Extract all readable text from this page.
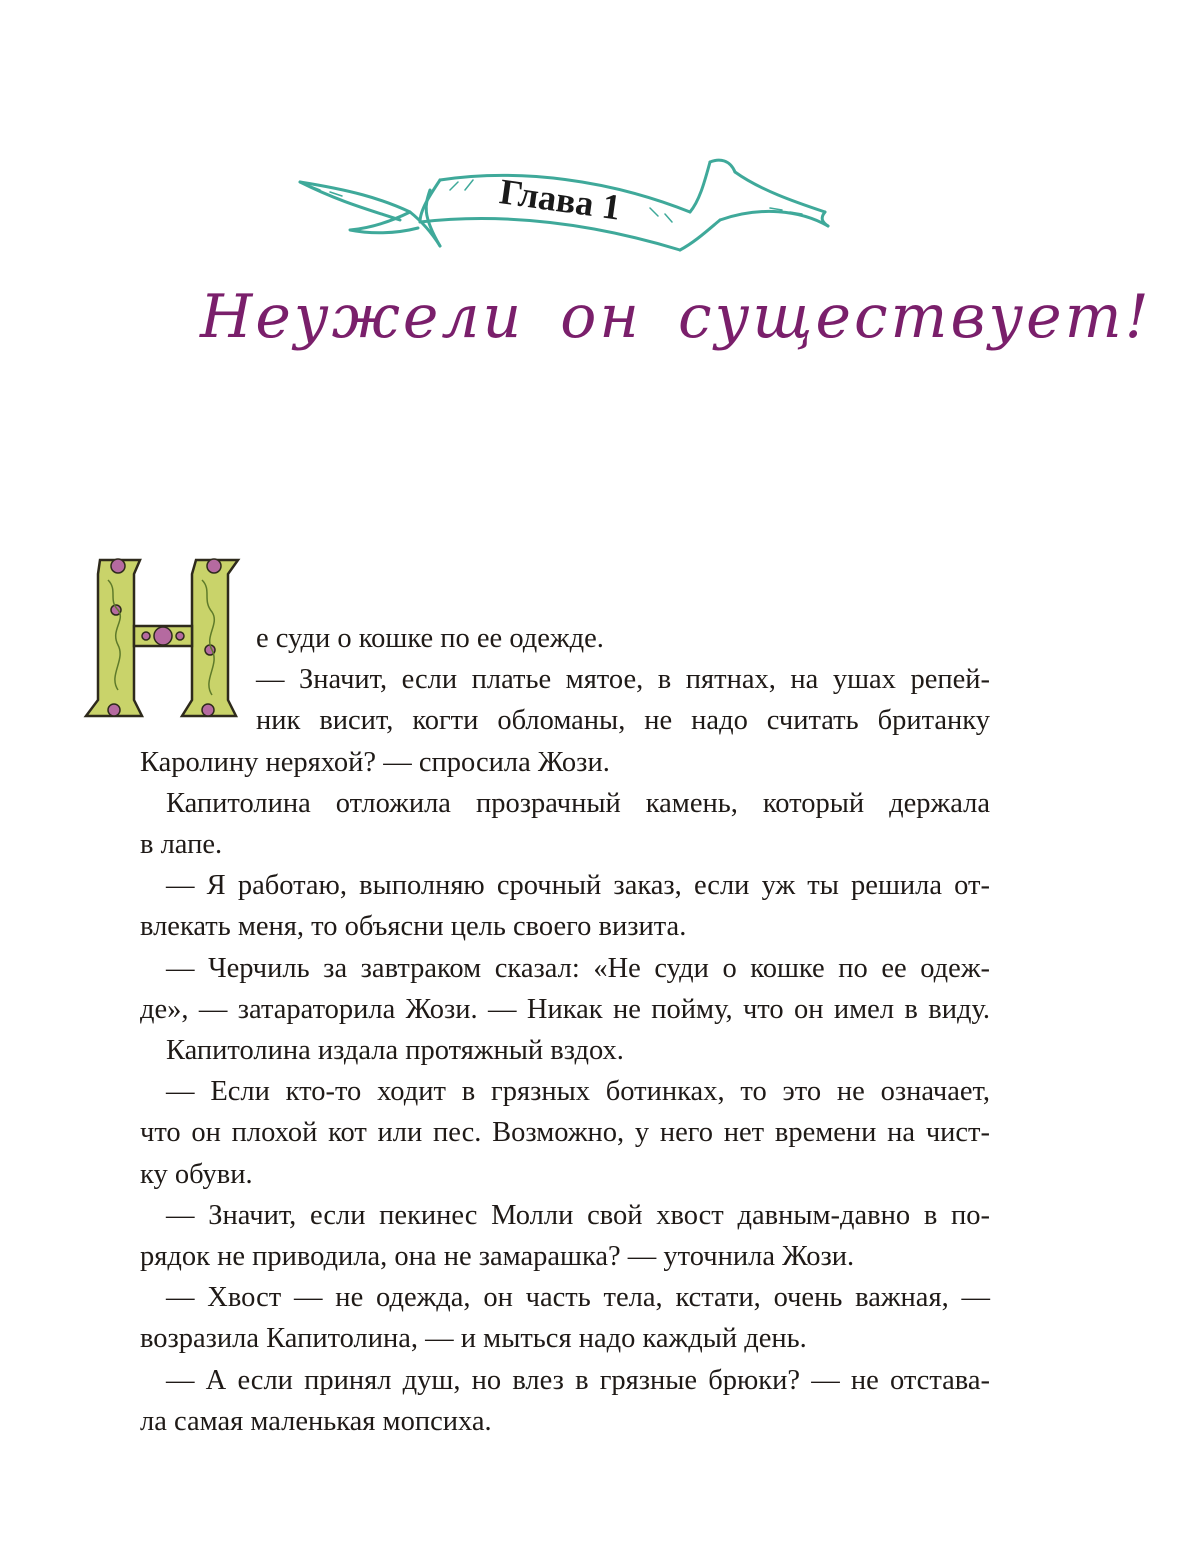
Глава 1
Неужели он существует!
е суди о кошке по ее одежде.
— Значит, если платье мятое, в пятнах, на ушах репей-
ник висит, когти обломаны, не надо считать британку
Каролину неряхой? — спросила Жози.
Капитолина отложила прозрачный камень, который держала
в лапе.
— Я работаю, выполняю срочный заказ, если уж ты решила от-
влекать меня, то объясни цель своего визита.
— Черчиль за завтраком сказал: «Не суди о кошке по ее одеж-
де», — затараторила Жози. — Никак не пойму, что он имел в виду.
Капитолина издала протяжный вздох.
— Если кто-то ходит в грязных ботинках, то это не означает,
что он плохой кот или пес. Возможно, у него нет времени на чист-
ку обуви.
— Значит, если пекинес Молли свой хвост давным-давно в по-
рядок не приводила, она не замарашка? — уточнила Жози.
— Хвост — не одежда, он часть тела, кстати, очень важная, —
возразила Капитолина, — и мыться надо каждый день.
— А если принял душ, но влез в грязные брюки? — не отстава-
ла самая маленькая мопсиха.
